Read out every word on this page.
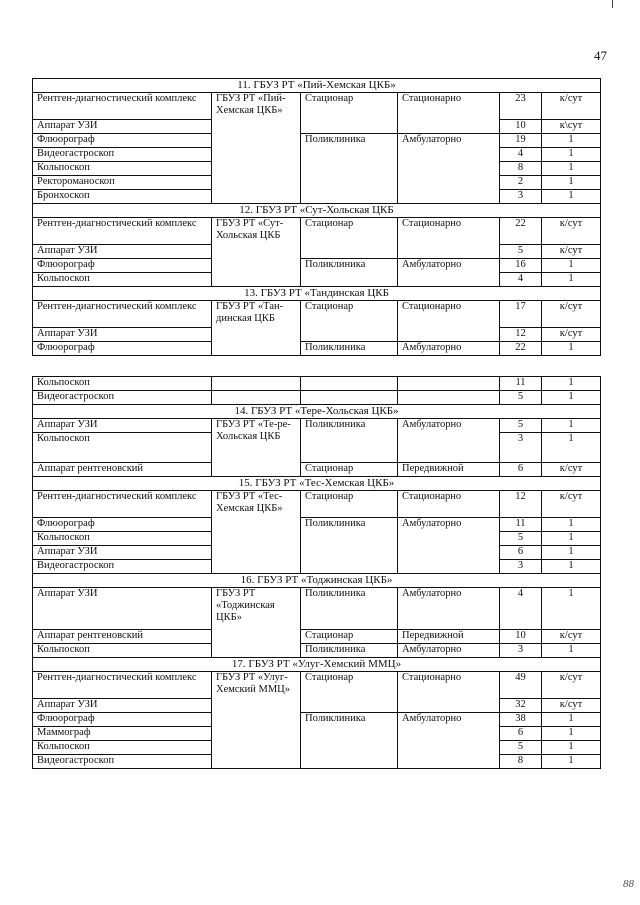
47
11. ГБУЗ РТ «Пий-Хемская ЦКБ»					
Рентген-диагностический комплекс	ГБУЗ РТ «Пий-Хемская ЦКБ»	Стационар	Стационарно	23	к/сут
Аппарат УЗИ				10	к\сут
Флюорограф		Поликлиника	Амбулаторно	19	1
Видеогастроскоп				4	1
Кольпоскоп				8	1
Ректороманоскоп				2	1
Бронхоскоп				3	1
12. ГБУЗ РТ «Сут-Хольская ЦКБ					
Рентген-диагностический комплекс	ГБУЗ РТ «Сут-Хольская ЦКБ	Стационар	Стационарно	22	к/сут
Аппарат УЗИ				5	к/сут
Флюорограф		Поликлиника	Амбулаторно	16	1
Кольпоскоп				4	1
13. ГБУЗ РТ «Тандинская ЦКБ					
Рентген-диагностический комплекс	ГБУЗ РТ «Тан-динская ЦКБ	Стационар	Стационарно	17	к/сут
Аппарат УЗИ				12	к/сут
Флюорограф		Поликлиника	Амбулаторно	22	1
Кольпоскоп				11	1
Видеогастроскоп				5	1
14. ГБУЗ РТ «Тере-Хольская ЦКБ»					
Аппарат УЗИ	ГБУЗ РТ «Те-ре-Хольская ЦКБ	Поликлиника	Амбулаторно	5	1
Кольпоскоп				3	1
Аппарат рентгеновский		Стационар	Передвижной	6	к/сут
15. ГБУЗ РТ «Тес-Хемская ЦКБ»					
Рентген-диагностический комплекс	ГБУЗ РТ «Тес-Хемская ЦКБ»	Стационар	Стационарно	12	к/сут
Флюорограф		Поликлиника	Амбулаторно	11	1
Кольпоскоп				5	1
Аппарат УЗИ				6	1
Видеогастроскоп				3	1
16. ГБУЗ РТ «Тоджинская ЦКБ»					
Аппарат УЗИ	ГБУЗ РТ «Тоджинская ЦКБ»	Поликлиника	Амбулаторно	4	1
Аппарат рентгеновский		Стационар	Передвижной	10	к/сут
Кольпоскоп		Поликлиника	Амбулаторно	3	1
17. ГБУЗ РТ «Улуг-Хемский ММЦ»					
Рентген-диагностический комплекс	ГБУЗ РТ «Улуг-Хемский ММЦ»	Стационар	Стационарно	49	к/сут
Аппарат УЗИ				32	к/сут
Флюорограф		Поликлиника	Амбулаторно	38	1
Маммограф				6	1
Кольпоскоп				5	1
Видеогастроскоп				8	1
88
